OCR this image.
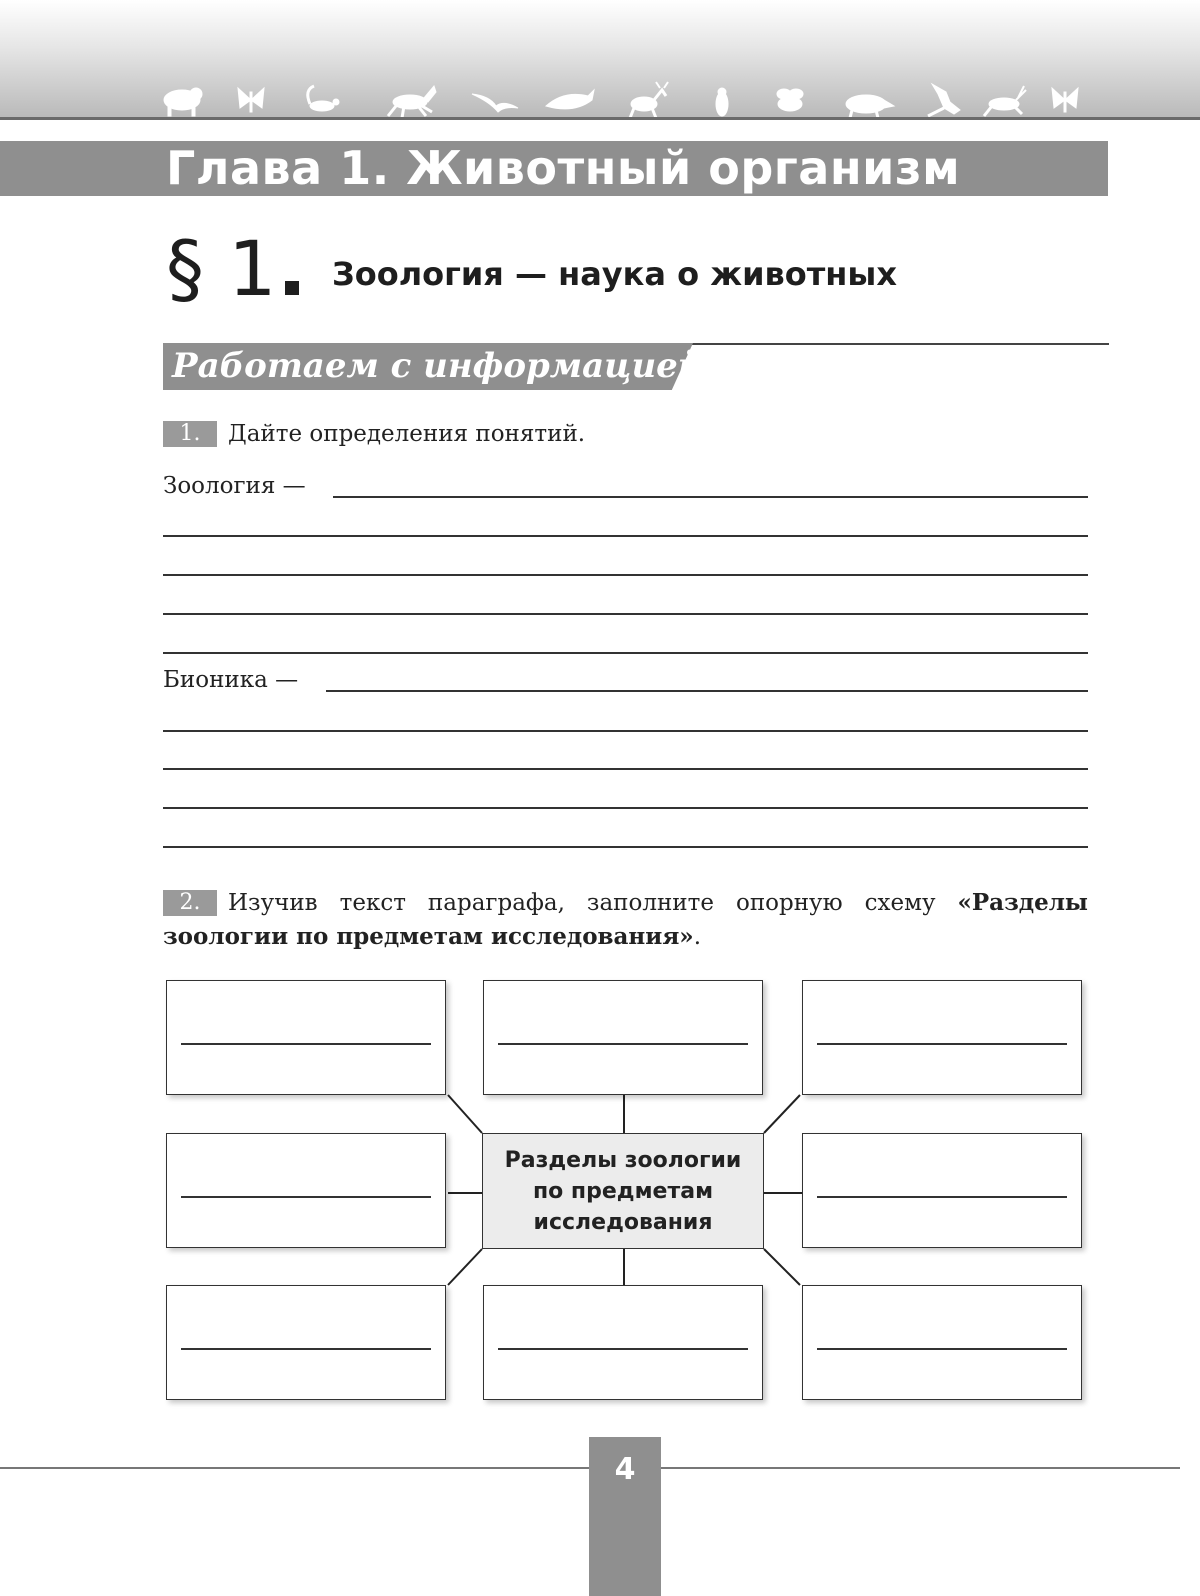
Глава 1. Животный организм
§ 1	Зоология — наука о животных
Работаем с информацией
1.	Дайте определения понятий.
Зоология —
Бионика —
2.	Изучив текст параграфа, заполните опорную схему «Разделы зоологии по предметам исследования».
Разделы зоологии по предметам исследования
4
